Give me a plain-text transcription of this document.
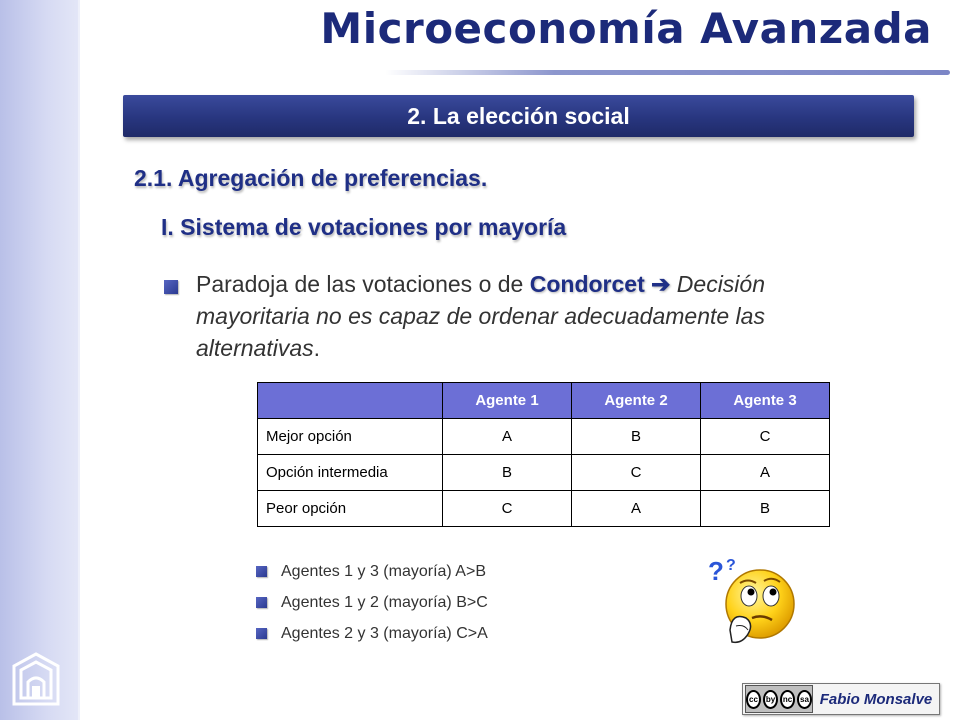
Microeconomía Avanzada
2. La elección social
2.1. Agregación de preferencias.
I. Sistema de votaciones por mayoría
Paradoja de las votaciones o de Condorcet ➔ Decisión mayoritaria no es capaz de ordenar adecuadamente las alternativas.
	Agente 1	Agente 2	Agente 3
Mejor opción	A	B	C
Opción intermedia	B	C	A
Peor opción	C	A	B
Agentes 1 y 3 (mayoría) A>B
Agentes 1 y 2 (mayoría) B>C
Agentes 2 y 3 (mayoría) C>A
? ?
cc by nc sa Fabio Monsalve
